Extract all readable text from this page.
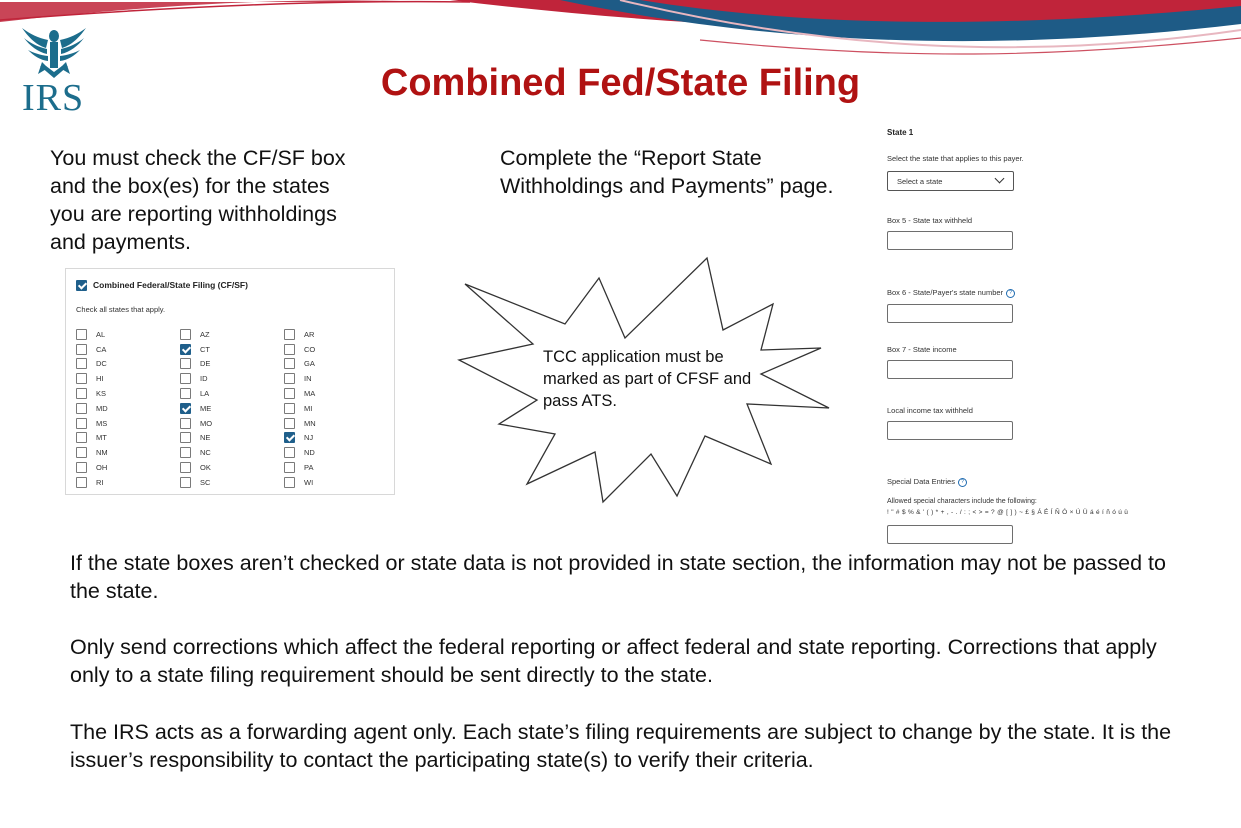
IRS	Combined Fed/State Filing
You must check the CF/SF box and the box(es) for the states you are reporting withholdings and payments.
Complete the “Report State Withholdings and Payments” page.
Combined Federal/State Filing (CF/SF)
Check all states that apply.
AL
CA
DC
HI
KS
MD
MS
MT
NM
OH
RI
AZ
CT
DE
ID
LA
ME
MO
NE
NC
OK
SC
AR
CO
GA
IN
MA
MI
MN
NJ
ND
PA
WI
TCC application must be marked as part of CFSF and pass ATS.
State 1
Select the state that applies to this payer.
Select a state
Box 5 - State tax withheld
Box 6 - State/Payer's state number ?
Box 7 - State income
Local income tax withheld
Special Data Entries ?
Allowed special characters include the following:
! " # $ % & ' ( ) * + , - . / : ; < > = ? @ [ ] ) ~ £ § Á É Í Ñ Ó × Ú Ü á é í ñ ó ú ü
If the state boxes aren’t checked or state data is not provided in state section, the information may not be passed to the state.
Only send corrections which affect the federal reporting or affect federal and state reporting. Corrections that apply only to a state filing requirement should be sent directly to the state.
The IRS acts as a forwarding agent only. Each state’s filing requirements are subject to change by the state. It is the issuer’s responsibility to contact the participating state(s) to verify their criteria.
